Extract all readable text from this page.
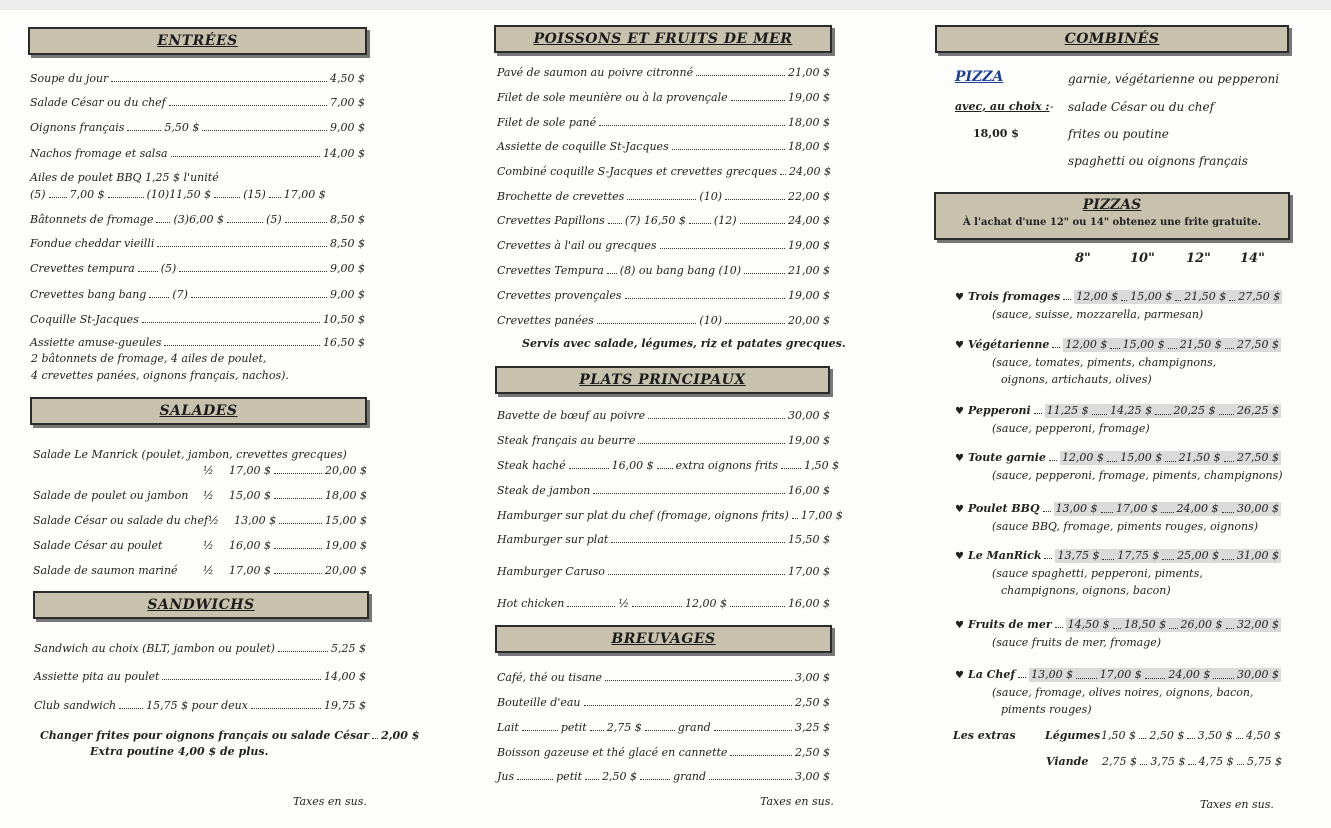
ENTRÉES
Soupe du jour	4,50 $
Salade César ou du chef	7,00 $
Oignons français	5,50 $	9,00 $
Nachos fromage et salsa	14,00 $
Ailes de poulet BBQ 1,25 $ l'unité
(5) 7,00 $	(10) 11,50 $	(15) 17,00 $
Bâtonnets de fromage (3) 6,00 $	(5)	8,50 $
Fondue cheddar vieilli	8,50 $
Crevettes tempura (5)	9,00 $
Crevettes bang bang (7)	9,00 $
Coquille St-Jacques	10,50 $
Assiette amuse-gueules	16,50 $
2 bâtonnets de fromage, 4 ailes de poulet,
4 crevettes panées, oignons français, nachos).
SALADES
Salade Le Manrick (poulet, jambon, crevettes grecques)
½	17,00 $	20,00 $
Salade de poulet ou jambon	½	15,00 $	18,00 $
Salade César ou salade du chef ½	13,00 $	15,00 $
Salade César au poulet	½	16,00 $	19,00 $
Salade de saumon mariné	½	17,00 $	20,00 $
SANDWICHS
Sandwich au choix (BLT, jambon ou poulet)	5,25 $
Assiette pita au poulet	14,00 $
Club sandwich	15,75 $ pour deux	19,75 $
Changer frites pour oignons français ou salade César 2,00 $
Extra poutine 4,00 $ de plus.
Taxes en sus.
POISSONS ET FRUITS DE MER
Pavé de saumon au poivre citronné	21,00 $
Filet de sole meunière ou à la provençale	19,00 $
Filet de sole pané	18,00 $
Assiette de coquille St-Jacques	18,00 $
Combiné coquille S-Jacques et crevettes grecques 24,00 $
Brochette de crevettes	(10)	22,00 $
Crevettes Papillons (7) 16,50 $	(12)	24,00 $
Crevettes à l'ail ou grecques	19,00 $
Crevettes Tempura (8) ou bang bang (10)	21,00 $
Crevettes provençales	19,00 $
Crevettes panées	(10)	20,00 $
Servis avec salade, légumes, riz et patates grecques.
PLATS PRINCIPAUX
Bavette de bœuf au poivre	30,00 $
Steak français au beurre	19,00 $
Steak haché	16,00 $ extra oignons frits 1,50 $
Steak de jambon	16,00 $
Hamburger sur plat du chef (fromage, oignons frits) 17,00 $
Hamburger sur plat	15,50 $
Hamburger Caruso	17,00 $
Hot chicken	½	12,00 $	16,00 $
BREUVAGES
Café, thé ou tisane	3,00 $
Bouteille d'eau	2,50 $
Lait	petit 2,75 $	grand	3,25 $
Boisson gazeuse et thé glacé en cannette	2,50 $
Jus	petit 2,50 $	grand	3,00 $
Taxes en sus.
COMBINÉS
PIZZA	garnie, végétarienne ou pepperoni
avec, au choix : - salade César ou du chef
18,00 $	frites ou poutine
spaghetti ou oignons français
PIZZAS
À l'achat d'une 12" ou 14" obtenez une frite gratuite.
8"	10" 12" 14"
♥ Trois fromages 12,00 $ 15,00 $ 21,50 $ 27,50 $
(sauce, suisse, mozzarella, parmesan)
♥ Végétarienne 12,00 $ 15,00 $ 21,50 $ 27,50 $
(sauce, tomates, piments, champignons,
oignons, artichauts, olives)
♥ Pepperoni 11,25 $ 14,25 $ 20,25 $ 26,25 $
(sauce, pepperoni, fromage)
♥ Toute garnie 12,00 $ 15,00 $ 21,50 $ 27,50 $
(sauce, pepperoni, fromage, piments, champignons)
♥ Poulet BBQ 13,00 $ 17,00 $ 24,00 $ 30,00 $
(sauce BBQ, fromage, piments rouges, oignons)
♥ Le ManRick 13,75 $ 17,75 $ 25,00 $ 31,00 $
(sauce spaghetti, pepperoni, piments,
champignons, oignons, bacon)
♥ Fruits de mer 14,50 $ 18,50 $ 26,00 $ 32,00 $
(sauce fruits de mer, fromage)
♥ La Chef 13,00 $ 17,00 $ 24,00 $ 30,00 $
(sauce, fromage, olives noires, oignons, bacon,
piments rouges)
Les extras	Légumes 1,50 $ 2,50 $ 3,50 $ 4,50 $
Viande	2,75 $ 3,75 $ 4,75 $ 5,75 $
Taxes en sus.
